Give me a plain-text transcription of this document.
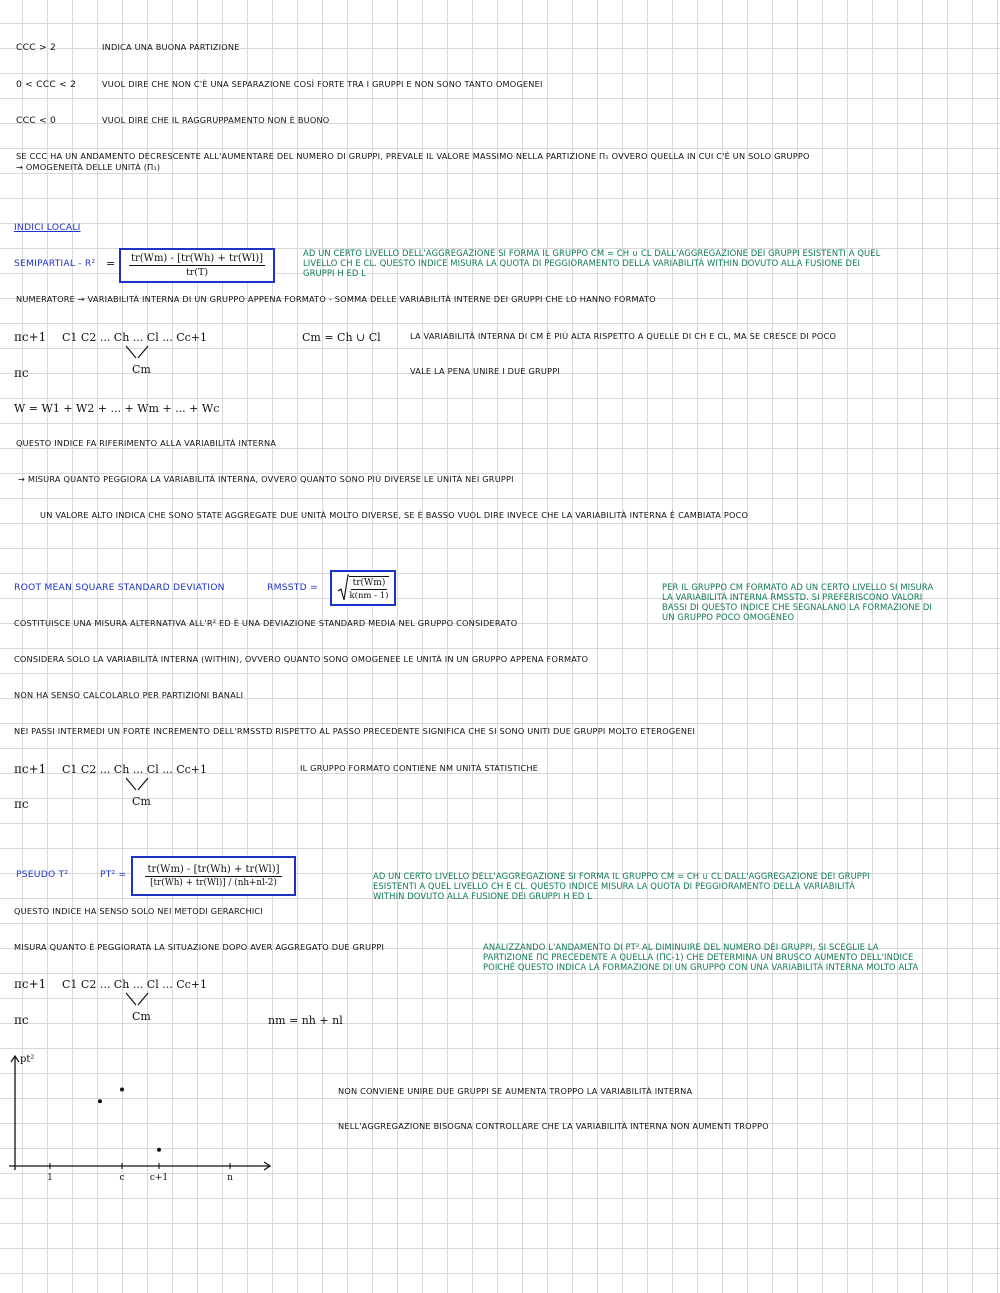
CCC > 2	INDICA UNA BUONA PARTIZIONE
0 < CCC < 2	VUOL DIRE CHE NON C'È UNA SEPARAZIONE COSÌ FORTE TRA I GRUPPI E NON SONO TANTO OMOGENEI
CCC < 0	VUOL DIRE CHE IL RAGGRUPPAMENTO NON È BUONO
SE CCC HA UN ANDAMENTO DECRESCENTE ALL'AUMENTARE DEL NUMERO DI GRUPPI, PREVALE IL VALORE MASSIMO NELLA PARTIZIONE Π₁ OVVERO QUELLA IN CUI C'È UN SOLO GRUPPO
→ OMOGENEITÀ DELLE UNITÀ (Π₁)
INDICI LOCALI
SEMIPARTIAL - $R^2 = \frac{tr(Wm) - [tr(Wh) + tr(Wl)]}{tr(T)}$	AD UN CERTO LIVELLO DELL'AGGREGAZIONE SI FORMA IL GRUPPO CM = CH ∪ CL DALL'AGGREGAZIONE DEI GRUPPI ESISTENTI A QUEL
LIVELLO CH E CL. QUESTO INDICE MISURA LA QUOTA DI PEGGIORAMENTO DELLA VARIABILITÀ WITHIN DOVUTO ALLA FUSIONE DEI
GRUPPI H ED L
NUMERATORE → VARIABILITÀ INTERNA DI UN GRUPPO APPENA FORMATO - SOMMA DELLE VARIABILITÀ INTERNE DEI GRUPPI CHE LO HANNO FORMATO
πc+1 C1 C2 ... Ch ... Cl ... Cc+1
Cm
πc
Cm = Ch ∪ Cl	LA VARIABILITÀ INTERNA DI CM È PIÙ ALTA RISPETTO A QUELLE DI CH E CL, MA SE CRESCE DI POCO
VALE LA PENA UNIRE I DUE GRUPPI
W = W1 + W2 + ... + Wm + ... + Wc
QUESTO INDICE FA RIFERIMENTO ALLA VARIABILITÀ INTERNA
→ MISURA QUANTO PEGGIORA LA VARIABILITÀ INTERNA, OVVERO QUANTO SONO PIÙ DIVERSE LE UNITÀ NEI GRUPPI
UN VALORE ALTO INDICA CHE SONO STATE AGGREGATE DUE UNITÀ MOLTO DIVERSE, SE È BASSO VUOL DIRE INVECE CHE LA VARIABILITÀ INTERNA È CAMBIATA POCO
ROOT MEAN SQUARE STANDARD DEVIATION	RMSSTD =	$\frac{tr(Wm)}{k(nm - 1)}$	PER IL GRUPPO CM FORMATO AD UN CERTO LIVELLO SI MISURA
LA VARIABILITÀ INTERNA RMSSTD. SI PREFERISCONO VALORI
BASSI DI QUESTO INDICE CHE SEGNALANO LA FORMAZIONE DI
UN GRUPPO POCO OMOGENEO
COSTITUISCE UNA MISURA ALTERNATIVA ALL'R² ED È UNA DEVIAZIONE STANDARD MEDIA NEL GRUPPO CONSIDERATO
CONSIDERA SOLO LA VARIABILITÀ INTERNA (WITHIN), OVVERO QUANTO SONO OMOGENEE LE UNITÀ IN UN GRUPPO APPENA FORMATO
NON HA SENSO CALCOLARLO PER PARTIZIONI BANALI
NEI PASSI INTERMEDI UN FORTE INCREMENTO DELL'RMSSTD RISPETTO AL PASSO PRECEDENTE SIGNIFICA CHE SI SONO UNITI DUE GRUPPI MOLTO ETEROGENEI
πc+1 C1 C2 ... Ch ... Cl ... Cc+1
Cm
πc
IL GRUPPO FORMATO CONTIENE NM UNITÀ STATISTICHE
PSEUDO T²	$PT^2 = \frac{tr(Wm) - [tr(Wh) + tr(Wl)]}{[tr(Wh) + tr(Wl)] / (nh+nl-2)}$	AD UN CERTO LIVELLO DELL'AGGREGAZIONE SI FORMA IL GRUPPO CM = CH ∪ CL DALL'AGGREGAZIONE DEI GRUPPI
ESISTENTI A QUEL LIVELLO CH E CL. QUESTO INDICE MISURA LA QUOTA DI PEGGIORAMENTO DELLA VARIABILITÀ
WITHIN DOVUTO ALLA FUSIONE DEI GRUPPI H ED L
QUESTO INDICE HA SENSO SOLO NEI METODI GERARCHICI
MISURA QUANTO È PEGGIORATA LA SITUAZIONE DOPO AVER AGGREGATO DUE GRUPPI	ANALIZZANDO L'ANDAMENTO DI PT² AL DIMINUIRE DEL NUMERO DEI GRUPPI, SI SCEGLIE LA
PARTIZIONE ΠC PRECEDENTE A QUELLA (ΠC-1) CHE DETERMINA UN BRUSCO AUMENTO DELL'INDICE
POICHÉ QUESTO INDICA LA FORMAZIONE DI UN GRUPPO CON UNA VARIABILITÀ INTERNA MOLTO ALTA
πc+1 C1 C2 ... Ch ... Cl ... Cc+1
Cm
πc	nm = nh + nl
pt²
1	c	c+1	n
NON CONVIENE UNIRE DUE GRUPPI SE AUMENTA TROPPO LA VARIABILITÀ INTERNA
NELL'AGGREGAZIONE BISOGNA CONTROLLARE CHE LA VARIABILITÀ INTERNA NON AUMENTI TROPPO
